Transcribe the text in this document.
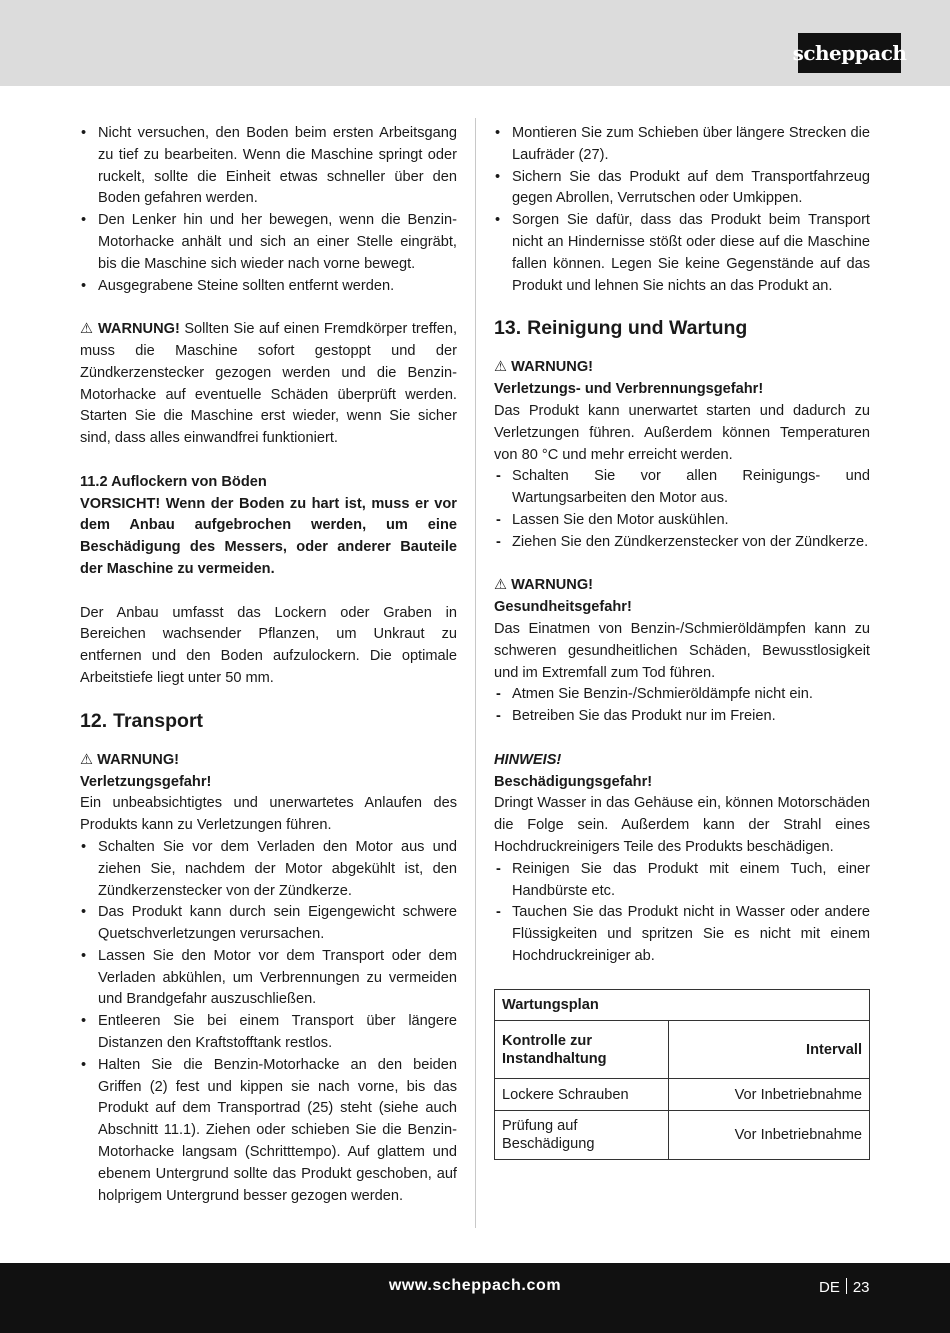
scheppach
• Nicht versuchen, den Boden beim ersten Arbeitsgang zu tief zu bearbeiten. Wenn die Maschine springt oder ruckelt, sollte die Einheit etwas schneller über den Boden gefahren werden.
• Den Lenker hin und her bewegen, wenn die Benzin-Motorhacke anhält und sich an einer Stelle eingräbt, bis die Maschine sich wieder nach vorne bewegt.
• Ausgegrabene Steine sollten entfernt werden.

⚠ WARNUNG! Sollten Sie auf einen Fremdkörper treffen, muss die Maschine sofort gestoppt und der Zündkerzenstecker gezogen werden und die Benzin-Motorhacke auf eventuelle Schäden überprüft werden. Starten Sie die Maschine erst wieder, wenn Sie sicher sind, dass alles einwandfrei funktioniert.

11.2 Auflockern von Böden

VORSICHT! Wenn der Boden zu hart ist, muss er vor dem Anbau aufgebrochen werden, um eine Beschädigung des Messers, oder anderer Bauteile der Maschine zu vermeiden.

Der Anbau umfasst das Lockern oder Graben in Bereichen wachsender Pflanzen, um Unkraut zu entfernen und den Boden aufzulockern. Die optimale Arbeitstiefe liegt unter 50 mm.

12. Transport

⚠ WARNUNG!

Verletzungsgefahr!

Ein unbeabsichtigtes und unerwartetes Anlaufen des Produkts kann zu Verletzungen führen.

• Schalten Sie vor dem Verladen den Motor aus und ziehen Sie, nachdem der Motor abgekühlt ist, den Zündkerzenstecker von der Zündkerze.
• Das Produkt kann durch sein Eigengewicht schwere Quetschverletzungen verursachen.
• Lassen Sie den Motor vor dem Transport oder dem Verladen abkühlen, um Verbrennungen zu vermeiden und Brandgefahr auszuschließen.
• Entleeren Sie bei einem Transport über längere Distanzen den Kraftstofftank restlos.
• Halten Sie die Benzin-Motorhacke an den beiden Griffen (2) fest und kippen sie nach vorne, bis das Produkt auf dem Transportrad (25) steht (siehe auch Abschnitt 11.1). Ziehen oder schieben Sie die Benzin-Motorhacke langsam (Schritttempo). Auf glattem und ebenem Untergrund sollte das Produkt geschoben, auf holprigem Untergrund besser gezogen werden.
• Montieren Sie zum Schieben über längere Strecken die Laufräder (27).
• Sichern Sie das Produkt auf dem Transportfahrzeug gegen Abrollen, Verrutschen oder Umkippen.
• Sorgen Sie dafür, dass das Produkt beim Transport nicht an Hindernisse stößt oder diese auf die Maschine fallen können. Legen Sie keine Gegenstände auf das Produkt und lehnen Sie nichts an das Produkt an.
13. Reinigung und Wartung

⚠ WARNUNG!

Verletzungs- und Verbrennungsgefahr!

Das Produkt kann unerwartet starten und dadurch zu Verletzungen führen. Außerdem können Temperaturen von 80 °C und mehr erreicht werden.

- Schalten Sie vor allen Reinigungs- und Wartungsarbeiten den Motor aus.
- Lassen Sie den Motor auskühlen.
- Ziehen Sie den Zündkerzenstecker von der Zündkerze.

⚠ WARNUNG!

Gesundheitsgefahr!

Das Einatmen von Benzin-/Schmieröldämpfen kann zu schweren gesundheitlichen Schäden, Bewusstlosigkeit und im Extremfall zum Tod führen.

- Atmen Sie Benzin-/Schmieröldämpfe nicht ein.
- Betreiben Sie das Produkt nur im Freien.

HINWEIS!

Beschädigungsgefahr!

Dringt Wasser in das Gehäuse ein, können Motorschäden die Folge sein. Außerdem kann der Strahl eines Hochdruckreinigers Teile des Produkts beschädigen.

- Reinigen Sie das Produkt mit einem Tuch, einer Handbürste etc.
- Tauchen Sie das Produkt nicht in Wasser oder andere Flüssigkeiten und spritzen Sie es nicht mit einem Hochdruckreiniger ab.
Wartungsplan	
Kontrolle zur Instandhaltung	Intervall
Lockere Schrauben	Vor Inbetriebnahme
Prüfung auf Beschädigung	Vor Inbetriebnahme
www.scheppach.com	DE 23
